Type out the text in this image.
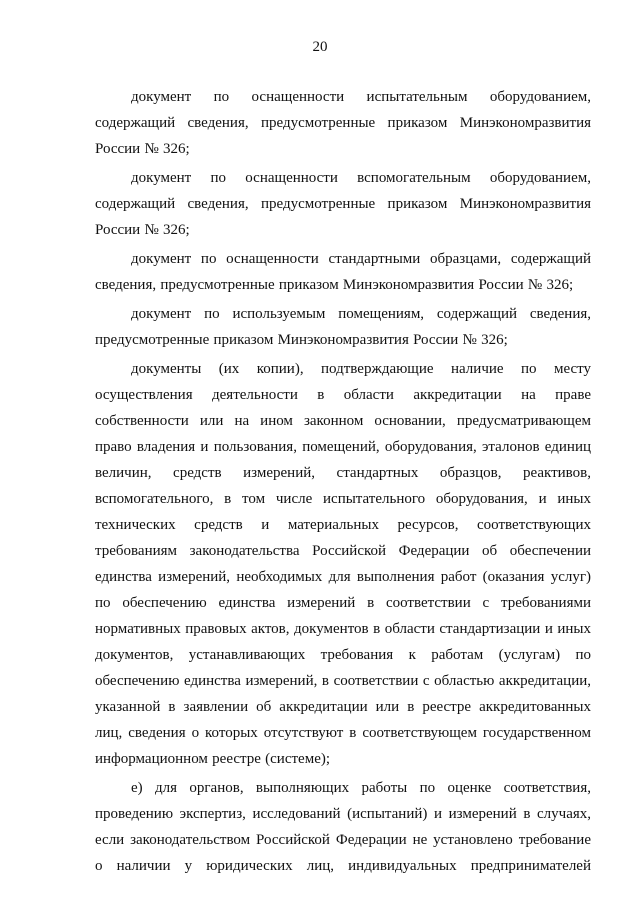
20

документ по оснащенности испытательным оборудованием, содержащий сведения, предусмотренные приказом Минэкономразвития России № 326;

документ по оснащенности вспомогательным оборудованием, содержащий сведения, предусмотренные приказом Минэкономразвития России № 326;

документ по оснащенности стандартными образцами, содержащий сведения, предусмотренные приказом Минэкономразвития России № 326;

документ по используемым помещениям, содержащий сведения, предусмотренные приказом Минэкономразвития России № 326;

документы (их копии), подтверждающие наличие по месту осуществления деятельности в области аккредитации на праве собственности или на ином законном основании, предусматривающем право владения и пользования, помещений, оборудования, эталонов единиц величин, средств измерений, стандартных образцов, реактивов, вспомогательного, в том числе испытательного оборудования, и иных технических средств и материальных ресурсов, соответствующих требованиям законодательства Российской Федерации об обеспечении единства измерений, необходимых для выполнения работ (оказания услуг) по обеспечению единства измерений в соответствии с требованиями нормативных правовых актов, документов в области стандартизации и иных документов, устанавливающих требования к работам (услугам) по обеспечению единства измерений, в соответствии с областью аккредитации, указанной в заявлении об аккредитации или в реестре аккредитованных лиц, сведения о которых отсутствуют в соответствующем государственном информационном реестре (системе);

е) для органов, выполняющих работы по оценке соответствия, проведению экспертиз, исследований (испытаний) и измерений в случаях, если законодательством Российской Федерации не установлено требование о наличии у юридических лиц, индивидуальных предпринимателей
